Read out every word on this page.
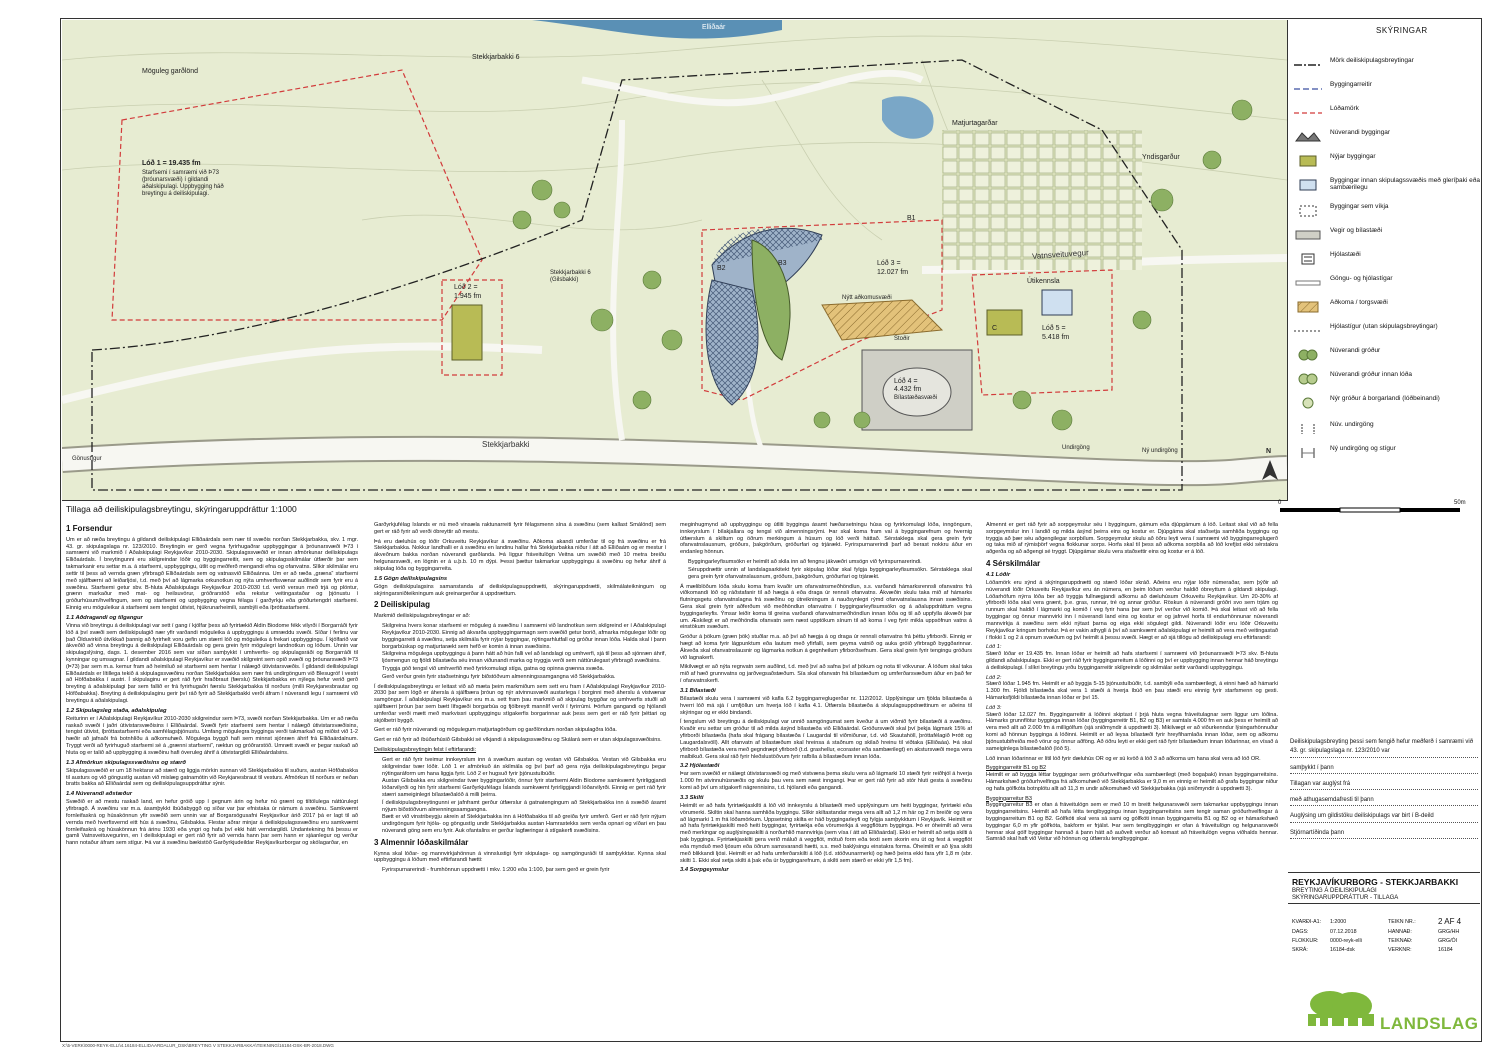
Möguleg garðlönd
Stekkjarbakki 6
Elliðaár
Lóð 1 = 19.435 fm
Starfsemi í samræmi við Þ73 (þróunarsvæði) í gildandi aðalskipulagi. Uppbygging háð breytingu á deiliskipulagi.
Lóð 2 =
1.945 fm
Stekkjarbakki 6 (Gilsbakki)
B1
B2
B3	Lóð 3 =
12.027 fm
Nýtt aðkomusvæði
Stoðir
Lóð 4 =
4.432 fm
Bílastæðasvæði
Vatnsveituvegur
Matjurtagarðar
Yndisgarður
Útikennsla
C	Lóð 5 =
5.418 fm
Stekkjarbakki
Gönustígur
Undirgöng	Ný undirgöng	N
SKÝRINGAR
Mörk deiliskipulagsbreytingar
Byggingarreitir
Lóðamörk
Núverandi byggingar
Nýjar byggingar
Byggingar innan skipulagssvæðis með gleríþaki eða sambærilegu
Byggingar sem víkja
Vegir og bílastæði
Hjólastæði
Göngu- og hjólastígar
Aðkoma / torgsvæði
Hjólastígur (utan skipulagsbreytingar)
Núverandi gróður
Núverandi gróður innan lóða
Nýr gróður á borgarlandi (lóðbeinandi)
Núv. undirgöng
Ný undirgöng og stígur
Tillaga að deiliskipulagsbreytingu, skýringaruppdráttur 1:1000
0	50m
1 Forsendur

Um er að ræða breytingu á gildandi deiliskipulagi Elliðaárdals sem nær til svæðis norðan Stekkjarbakka, skv. 1 mgr. 43. gr. skipulagslaga nr. 123/2010. Breytingin er gerð vegna fyrirhugaðrar uppbyggingar á þróunarsvæði Þ73 í samræmi við markmið í Aðalskipulagi Reykjavíkur 2010-2030. Skipulagssvæðið er innan afmörkunar deiliskipulags Elliðaárdals. Í breytingunni eru skilgreindar lóðir og byggingarreitir, sem og skipulagsskilmálar útfærðir þar sem takmarkanir eru settar m.a. á starfsemi, uppbyggingu, útlit og meðferð mengandi efna og ofanvatns. Slíkir skilmálar eru settir til þess að vernda græn yfirbragð Elliðaárdals sem og vatnasvið Elliðaánna. Um er að ræða „græna“ starfsemi með sjálfbærni að leiðarljósi, t.d. með því að lágmarka orkunotkun og nýta umhverfisvænar auðlindir sem fyrir eru á svæðinu. Starfsemi getur sbv. B-hluta Aðalskipulags Reykjavíkur 2010-2030 t.d. verið versun með trjá og plöntur, grænn markaður með mat- og heilsuvörur, gróðrarstöð eða rekstur veitingastaðar og þjónustu í gróðurhúsum/hvelfingum, sem og starfsemi og uppbygging vegna félaga í garðyrkju eða gróðurtengdri starfsemi. Einnig eru möguleikar á starfsemi sem tengist útivist, hjúkrunarheimili, sambýli eða íþróttastarfsemi.

1.1 Aðdragandi og tilgangur

Vinna við breytingu á deiliskipulagi var sett í gang í kjölfar þess að fyrirtækið Aldin Biodome fékk vilyrði í Borgarráði fyrir lóð á því svæði sem deiliskipulagið nær yfir varðandi möguleika á uppbyggingu á umræddu svæði. Síðar í ferlinu var það Ölduvirkið útvíkkað þannig að fyrirhelt voru gefin um stærri lóð og möguleika á frekari uppbyggingu. Í kjölfarið var ákveðið að vinna breytingu á deiliskipulagi Elliðaárdals og gera grein fyrir mögulegri landnotkun og lóðum. Unnin var skipulagslýsing, dags. 1. desember 2016 sem var síðan samþykkt í umhverfis- og skipulagsráði og Borgarráði til kynningar og umsagnar. Í gildandi aðalskipulagi Reykjavíkur er svæðið skilgreint sem opið svæði og þróunarsvæði Þ73 (Þ73) þar sem m.a. kemur fram að heimiluð sé starfsemi sem hentar í nálægð útivistarsvæðis. Í gildandi deiliskipulagi Elliðaárdals er lítillega tekið á skipulagssvæðinu norðan Stekkjarbakka sem nær frá undirgöngum við Blesugróf í vestri að Höfðabakka í austri. Í skipulaginu er gert ráð fyrir hraðbraut (færslu) Stekkjarbakka en nýlega hefur verið gerð breyting á aðalskipulagi þar sem fallið er frá fyrirhugaðri færslu Stekkjarbakka til norðurs (milli Reykjanesbrautar og Höfðabakka). Breyting á deiliskipulaginu gerir því ráð fyrir að Stekkjarbakki verði áfram í núverandi legu í samræmi við breytingu á aðalskipulagi.

1.2 Skipulagsleg staða, aðalskipulag

Reiturinn er í Aðalskipulagi Reykjavíkur 2010-2030 skilgreindur sem Þ73, svæði norðan Stekkjarbakka. Um er að ræða raskað svæði í jaðri útivistarsvæðisins í Elliðaárdal. Svæði fyrir starfsemi sem hentar í nálægð útivistarsvæðisins, tengist útivist, íþróttastarfsemi eða samfélagsþjónustu. Umfang mögulegra bygginga verði takmarkað og miðist við 1-2 hæðir að jafnaði frá botnhlíðu á aðkomuhæð. Mögulega byggð hafi sem minnst sjónræn áhrif frá Elliðaárdalnum. Tryggt verði að fyrirhuguð starfsemi sé á „grænni starfsemi“, ræktun og gróðrarstöð. Umrætt svæði er þegar raskað að hluta og er talið að uppbygging á svæðinu hafi óveruleg áhrif á útivistargildi Elliðaárdalsins.

1.3 Afmörkun skipulagssvæðisins og stærð

Skipulagssvæðið er um 18 hektarar að stærð og liggja mörkin sunnan við Stekkjarbakka til suðurs, austan Höfðabakka til austurs og við göngustíg austan við mislæg gatnamótin við Reykjanesbraut til vesturs. Afmörkun til norðurs er neðan bratts bakka að Elliðaárdal sem og deiliskipulagsuppdráttur sýnir.

1.4 Núverandi aðstæður

Svæðið er að mestu raskað land, en hefur gróið upp í gegnum árin og hefur nú grænt og tiltölulega náttúrulegt yfirbragð. Á svæðinu var m.a. ásamþykkt íbúðabyggð og síðar var þar efnistaka úr námum á svæðinu. Samkvæmt fornleifaskrá og húsakönnun yfir svæðið sem unnin var af Borgarsögusafni Reykjavíkur árið 2017 þá er lagt til að vernda með hverfisvernd eitt hús á svæðinu, Gilsbakka. Flestar aðrar minjar á deiliskipulagssvæðinu eru samkvæmt fornleifaskrá og húsakönnun frá árinu 1930 eða yngri og hafa því ekki hátt verndargildi. Undantekning frá þessu er gamli Vatnsveituvegurinn, en í deiliskipulagi er gert ráð fyrir að vernda hann þar sem hann er sjáanlegur og verður hann notaður áfram sem stígur. Þá var á svæðinu bækistöð Garðyrkjudeildar Reykjavíkurborgar og skólagarðar, en

Garðyrkjufélag Íslands er nú með vinsæla raktunarreiti fyrir félagsmenn sína á svæðinu (sem kallast Smálönd) sem gert er ráð fyrir að verði óbreyttir að mestu.

Þá eru dæluhús og lóðir Orkuveitu Reykjavíkur á svæðinu. Aðkoma akandi umferðar til og frá svæðinu er frá Stekkjarbakka. Nokkur landhalli er á svæðinu en landinu hallar frá Stekkjarbakka niður í átt að Elliðaám og er mestur í ákveðnum bakka norðan núverandi garðlanda. Þá liggur fráveitulögn Veitna um svæðið með 10 metra breiðu helgunarsvæði, en lögnin er á u.þ.b. 10 m dýpi. Þessi þættur takmarkar uppbyggingu á svæðinu og hefur áhrif á skipulag lóða og byggingarreita.

1.5 Gögn deiliskipulagsins

Gögn deiliskipulagsins samanstanda af deiliskipulagsuppdrætti, skýringaruppdrætti, skilmálateikningum og skýringarsniðteikningum auk greinargerðar á uppdrættum.

2 Deiliskipulag

Markmið deiliskipulagsbreytingar er að:

• Skilgreina hvers konar starfsemi er möguleg á svæðinu í samræmi við landnotkun sem skilgreind er í Aðalskipulagi Reykjavíkur 2010-2030. Einnig að ákvarða uppbyggingarmagn sem svæðið getur borið, afmarka mögulegar lóðir og byggingarreiti á svæðinu, setja skilmála fyrir nýjar byggingar, nýtingarhlutfall og gróður innan lóða. Halda skal í þann borgarbúskap og matjurtarækt sem hefð er komin á innan svæðisins.
• Skilgreina mögulega uppbyggingu á þann hátt að hún falli vel að landslagi og umhverfi, sjá til þess að sjónræn áhrif, ljósmengun og fjöldi bílastæða séu innan viðunandi marka og tryggja verði sem náttúrulegast yfirbragð svæðisins.
• Tryggja góð tengsl við umhverfið með fyrirkomulagi stíga, gatna og opinna grænna svæða.
• Gerð verður grein fyrir staðsetningu fyrir biðstöðvum almenningssamgangna við Stekkjarbakka.

Í deiliskipulagsbreytingu er leitast við að mæta þeim markmiðum sem sett eru fram í Aðalskipulagi Reykjavíkur 2010-2030 þar sem lögð er áhersla á sjálfbæra þróun og nýr atvinnusvæði austarlega í borginni með áherslu á vistvænar samgöngur. Í aðalskipulagi Reykjavíkur eru m.a. sett fram þau markmið að skipulag byggðar og umhverfis stuðli að sjálfbærri þróun þar sem bætt lífsgæði borgarbúa og fjölbreytt mannlíf verði í fyrirrúmi. Þörfum gangandi og hjólandi umferðar verði mætt með markvissri uppbyggingu stígakerfis borgarinnar auk þess sem gert er ráð fyrir þéttari og skjólbetri byggð.

Gert er ráð fyrir núverandi og mögulegum matjurtagörðum og garðlöndum norðan skipulagðra lóða.

Gert er ráð fyrir að íbúðarhúsið Gilsbakki sé víkjandi á skipulagssvæðinu og Skálará sem er utan skipulagssvæðisins.

Deiliskipulagsbreytingin felst í eftirfarandi:

• Gert er ráð fyrir tveimur innkeyrslum inn á svæðum austan og vestan við Gilsbakka. Vestan við Gilsbakka eru skilgreindar tvær lóðir. Lóð 1 er afmörkuð án skilmála og því þarf að gera nýja deiliskipulagsbreytingu þegar nýtingaráform um hana liggja fyrir. Lóð 2 er hugsuð fyrir þjónustuíbúðir.
• Austan Gilsbakka eru skilgreindar tvær byggingarlóðir, önnur fyrir starfsemi Aldin Biodome samkvæmt fyrirliggjandi lóðarvilyrði og hin fyrir starfsemi Garðyrkjufélags Íslands samkvæmt fyrirliggjandi lóðarvilyrði. Einnig er gert ráð fyrir stærri sameiginlegri bílastæðalóð á milli þeirra.
• Í deiliskipulagsbreytingunni er jafnframt gerður útfærslur á gatnatengingum að Stekkjarbakka inn á svæðið ásamt nýjum biðstöðvum almenningssamgangna.
• Bætt er við vinstribeygju akrein af Stekkjarbakka inn á Höfðabakka til að greiða fyrir umferð. Gert er ráð fyrir nýjum undirgöngum fyrir hjóla- og göngustíg undir Stekkjarbakka austan Hamrastekks sem verða opnari og víðari en þau núverandi göng sem eru fyrir. Auk ofantalins er gerður lagfæringar á stígakerfi svæðisins.
3 Almennir lóðaskilmálar

Kynna skal lóðar- og mannvirkjahönnun á vinnslustigi fyrir skipulags- og samgönguráði til samþykktar. Kynna skal uppbyggingu á lóðum með eftirfarandi hætti:

• Fyrirspurnarerindi - frumhönnun uppdrætti í mkv. 1:200 eða 1:100, þar sem gerð er grein fyrir

meginhugmynd að uppbyggingu og útliti bygginga ásamt hæðarsetningu húsa og fyrirkomulagi lóða, inngöngum, innkeyrslum í bílakjallara og tengsl við almenningsrými. Þar skal koma fram val á byggingarefnum og hvernig útfærslum á skiltum og öðrum merkingum á húsum og lóð verði háttað. Sérstaklega skal gera grein fyrir ofanvatnslausnum, gróðurs, þakgörðum, gróðurfari og trjárækt. Fyrirspurnarerindi þarf að berast nokkru áður en endanleg hönnun.

• Byggingarleyfisumsókn er heimilt að skila inn að fengnu jákvæðri umsögn við fyrirspurnarerindi.
• Séruppdrættir unnin af landslagsarkitekt fyrir skipulag lóðar skal fylgja byggingarleyfisumsókn. Sérstaklega skal gera grein fyrir ofanvatnslausnum, gróðurs, þakgörðum, gróðurfari og trjárækt.

Á mæliblöðum lóða skulu koma fram kvaðir um ofanvatnsmeðhöndlun, s.s. varðandi hámarksrennsli ofanvatns frá viðkomandi lóð og ráðstafanir til að hægja á eða draga úr rennsli ofanvatns. Ákvæðin skulu taka mið af hámarks flutningsgetu ofanvatnslagna frá svæðinu og útreikningum á nauðsynlegri rýmd ofanvatnslausna innan svæðisins. Gera skal grein fyrir aðferðum við meðhöndlun ofanvatns í byggingarleyfisumsókn og á aðaluppdráttum vegna byggingarleyfis. Ýmsar leiðir koma til greina varðandi ofanvatnsmeðhöndlun innan lóða og til að uppfylla ákvæði þar um. Æskilegt er að meðhöndla ofanvatn sem næst upptökum sínum til að koma í veg fyrir mikla uppsöfnun vatns á einstökum svæðum.

Gróður á þökum (græn þök) stuðlar m.a. að því að hægja á og draga úr rennsli ofanvatns frá þéttu yfirborði. Einnig er hægt að koma fyrir lágpunktum eða lautum með yfirfalli, sem geyma vatnið og auka gróið yfirbragð byggðarinnar. Ákveða skal ofanvatnslausnir og lágmarka notkun á gegnheilum yfirborðsefnum. Gera skal grein fyrir tengingu gróðurs við lagnakerfi.

Mikilvægt er að nýta regnvatn sem auðlind, t.d. með því að safna því af þökum og nota til vökvunar. Á lóðum skal taka mið af hæð grunnvatns og jarðvegsaðstæðum. Sía skal ofanvatn frá bílastæðum og umferðarsvæðum áður en það fer í ofanvatnskerfi.

3.1 Bílastæði

Bílastæði skulu vera í samræmi við kafla 6.2 byggingarreglugerðar nr. 112/2012. Upplýsingar um fjölda bílastæða á hverri lóð má sjá í umfjöllun um hverja lóð í kafla 4.1. Útfærsla bílastæða á skipulagsuppdrættinum er aðeins til skýringar og er ekki bindandi.

Í tengslum við breytingu á deiliskipulagi var unnið samgöngumat sem kveður á um viðmið fyrir bílastæði á svæðinu. Kvaðir eru settar um gróður til að milda ásýnd bílastæða við Elliðaárdal. Gróðursvæði skal því þekja lágmark 15% af yfirborði bílastæða (hafa skal frágang bílastæða í Laugardal til viðmiðunar, t.d. við Skautahöll, þróttafélagið Þrótt og Laugardalsvöll). Allt ofanvatn af bílastæðum skal hreinsa á staðnum og skilað hreinu til viðtaka (Elliðaáa). Þá skal yfirborð bílastæða vera með gegndræpt yfirborð (t.d. grashellur, ecoraster eða sambærilegt) en akstursvæði mega vera malbikuð. Gera skal ráð fyrir hleðslustöðvum fyrir rafbíla á bílastæðum innan lóða.

3.2 Hjólastæði

Þar sem svæðið er nálægt útivistarsvæði og með vistvæna þema skulu vera að lágmarki 10 stæði fyrir reiðhjól á hverja 1.000 fm atvinnuhúsnæðis og skulu þau vera sem næst inngangi. Þar er gert ráð fyrir að stór hluti gesta á svæðinu komi að því um stígakerfi nágrennisins, t.d. hjólandi eða gangandi.

3.3 Skilti

Heimilt er að hafa fyrirtækjaskilti á lóð við innkeyrslu á bílastæði með upplýsingum um heiti byggingar, fyrirtæki eða vörumerki. Skiltin skal hanna samhliða byggingu. Slíkir skiltastandar mega vera allt að 1,2 m hár og 2 m breiðir og vera að lágmarki 1 m frá lóðamörkum. Uppsetning skilta er háð byggingarleyfi og fylgja samþykktum í Reykjavík. Heimilt er að hafa fyrirtækjaskilti með heiti byggingar, fyrirtækja eða vörumerkja á veggflötum bygginga. Þó er óheimilt að vera með merkingar og auglýsingaskilti á norðurhlið mannvirkja (sem vísa í átt að Elliðaárdal). Ekki er heimilt að setja skilti á þak bygginga. Fyrirtækjaskilti gera verið máluð á veggflöt, mótuð form eða texti sem skorin eru út og fest á veggflöt eða mynduð með ljósum eða öðrum samsvarandi hætti, s.s. með baklýsingu einstakra forma. Óheimilt er að lýsa skilti með blikkandi ljósi. Heimilt er að hafa umferðarskilti á lóð (t.d. stöðvunarmerki) og hæð þeirra ekki fara yfir 1,8 m (sbr. skilti 1. Ekki skal setja skilti á þak eða úr byggingarefnum, á skilti sem stærð er ekki yfir 1,5 fm).

3.4 Sorpgeymslur

Almennt er gert ráð fyrir að sorpgeymslur séu í byggingum, gámum eða djúpgámum á lóð. Leitast skal við að fella sorpgeymslur inn í landið og milda ásýnd þeirra eins og kostur er. Djúpgáma skal staðsetja samhliða byggingu og tryggja að þær séu aðgengilegar sorpbílum. Sorpgeymslur skulu að öðru leyti vera í samræmi við byggingarreglugerð og taka mið af rýmisþörf vegna flokkunar sorps. Horfa skal til þess að aðkoma sorpbíla að lóð krefjist ekki sérstakra aðgerða og að aðgengi sé tryggt. Djúpgámar skulu vera staðsettir eins og kostur er á lóð.

4 Sérskilmálar
4.1 Lóðir

Lóðamörk eru sýnd á skýringaruppdrætti og stærð lóðar skráð. Aðeins eru nýjar lóðir númeraðar, sem þýðir að núverandi lóðir Orkuveitu Reykjavíkur eru án númera, en þeim lóðum verður haldið óbreyttum á gildandi skipulagi. Lóðarhöfum nýrra lóða ber að tryggja fullnægjandi aðkomu að dæluhúsum Orkuveitu Reykjavíkur. Um 20-30% af yfirborði lóða skal vera grænt, þ.e. gras, runnar, tré og annar gróður. Röskun á núverandi gróðri svo sem trjám og runnum skal haldið í lágmarki og komið í veg fyrir hana þar sem því verður við komið. Þá skal leitast við að fella byggingar og önnur mannvirki inn í núverandi land eins og kostur er og jafnvel horfa til endurhönnunar núverandi mannvirkja á svæðinu sem ekki nýtast þarna og eiga ekki sögulegt gildi. Núverandi lóðir eru lóðir Orkuveitu Reykjavíkur kringum borholur. Þá er vakin athygli á því að samkvæmt aðalskipulagi er heimilt að vera með veitingastað í flokki 1 og 2 á opnum svæðum og því heimilt á þessu svæði. Hægt er að sjá tillögu að deiliskipulagi eru eftirfarandi:

Lóð 1:

Stærð lóðar er 19.435 fm. Innan lóðar er heimilt að hafa starfsemi í samræmi við þróunarsvæði Þ73 skv. B-hluta gildandi aðalskipulags. Ekki er gert ráð fyrir byggingarreitum á lóðinni og því er uppbygging innan hennar háð breytingu á deiliskipulagi. Í slíkri breytingu yrðu byggingarreitir skilgreindir og skilmálar settir varðandi uppbyggingu.

Lóð 2:

Stærð lóðar 1.945 fm. Heimilt er að byggja 5-15 þjónustuíbúðir, t.d. sambýli eða sambærilegt, á einni hæð að hámarki 1.300 fm. Fjöldi bílastæða skal vera 1 stæði á hverja íbúð en þau stæði eru einnig fyrir starfsmenn og gesti. Hámarksfjöldi bílastæða innan lóðar er því 15.

Lóð 3:

Stærð lóðar 12.027 fm. Byggingarreitir á lóðinni skiptast í þrjá hluta vegna fráveitulagnar sem liggur um lóðina. Hámarks grunnflötur bygginga innan lóðar (byggingarreitir B1, B2 og B3) er samtals 4.000 fm en auk þess er heimilt að vera með allt að 2.000 fm á milligólfum (sjá sniðmyndir á uppdrætti 3). Mikilvægt er að viðurkenndur lýsingarhönnuður komi að hönnun bygginga á lóðinni. Heimilt er að leysa bílastæði fyrir hreyfihamlaða innan lóðar, sem og aðkomu þjónustubifreiða með vörur og önnur aðföng. Að öðru leyti er ekki gert ráð fyrir bílastæðum innan lóðarinnar, en vísað á sameiginlega bílastæðalóð (lóð 5).

Lóð innan lóðarinnar er lítil lóð fyrir dæluhús OR og er sú kvöð á lóð 3 að aðkoma um hana skal vera að lóð OR.

Byggingarreitir B1 og B2

Heimilt er að byggja léttar byggingar sem gróðurhvelfingar eða sambærilegt (með bogaþaki) innan byggingarreitsins. Hámarkshæð gróðurhvelfinga frá aðkomuhæð við Stekkjarbakka er 9,0 m en einnig er heimilt að grafa byggingar niður og hafa gólfkóta botnplötu allt að 11,3 m undir aðkomuhæð við Stekkjarbakka (sjá sniðmyndir á uppdrætti 3).

Byggingarreitur B3

Byggingarreitur B3 er ofan á fráveitulögn sem er með 10 m breitt helgunarsvæði sem takmarkar uppbyggingu innan byggingarreitsins. Heimilt að hafa létta tengibyggingu innan byggingarreitsins sem tengir saman gróðurhvelfingar á byggingarreitum B1 og B2. Gólfkóti skal vera sá sami og gólfkóti innan byggingarreita B1 og B2 og er hámarkshæð byggingar 6,0 m yfir gólfkóta, bakform er frjálst. Þar sem tengibyggingin er ofan á fráveitulögn og helgunarsvæði hennar skal gólf byggingar hannað á þann hátt að auðvelt verður að komast að fráveitulögn vegna viðhalds hennar. Samráð skal haft við Veitur við hönnun og útfærslu tengibyggingar.

Deiliskipulagsbreyting þessi sem fengið hefur meðferð í samræmi við 43. gr. skipulagslaga nr. 123/2010 var
samþykkt í þann
Tillagan var auglýst frá
með athugasemdafresti til þann
Auglýsing um gildistöku deiliskipulags var birt í B-deild
Stjórnartíðinda þann
REYKJAVÍKURBORG - STEKKJARBAKKI
BREYTING Á DEILISKIPULAGI
SKÝRINGARUPPDRÁTTUR - TILLAGA
KVARÐI-A1: 1:2000	TEIKN NR.:	2 AF 4
DAGS:	07.12.2018	HANNAÐ:	GRG/HH
FLOKKUR: 0000-reyk-elli	TEIKNAÐ:	GRG/ÓI
SKRÁ:	16184-dsk	VERKNR:	16184
LANDSLAG
X:\5-VERK\0000-REYK-ELLI\4.16184-ELLIDAARDALUR_DSK\BREYTING V STEKKJARBAKKA\TEIKNING\16184-DSK-BR-2018.DWG
